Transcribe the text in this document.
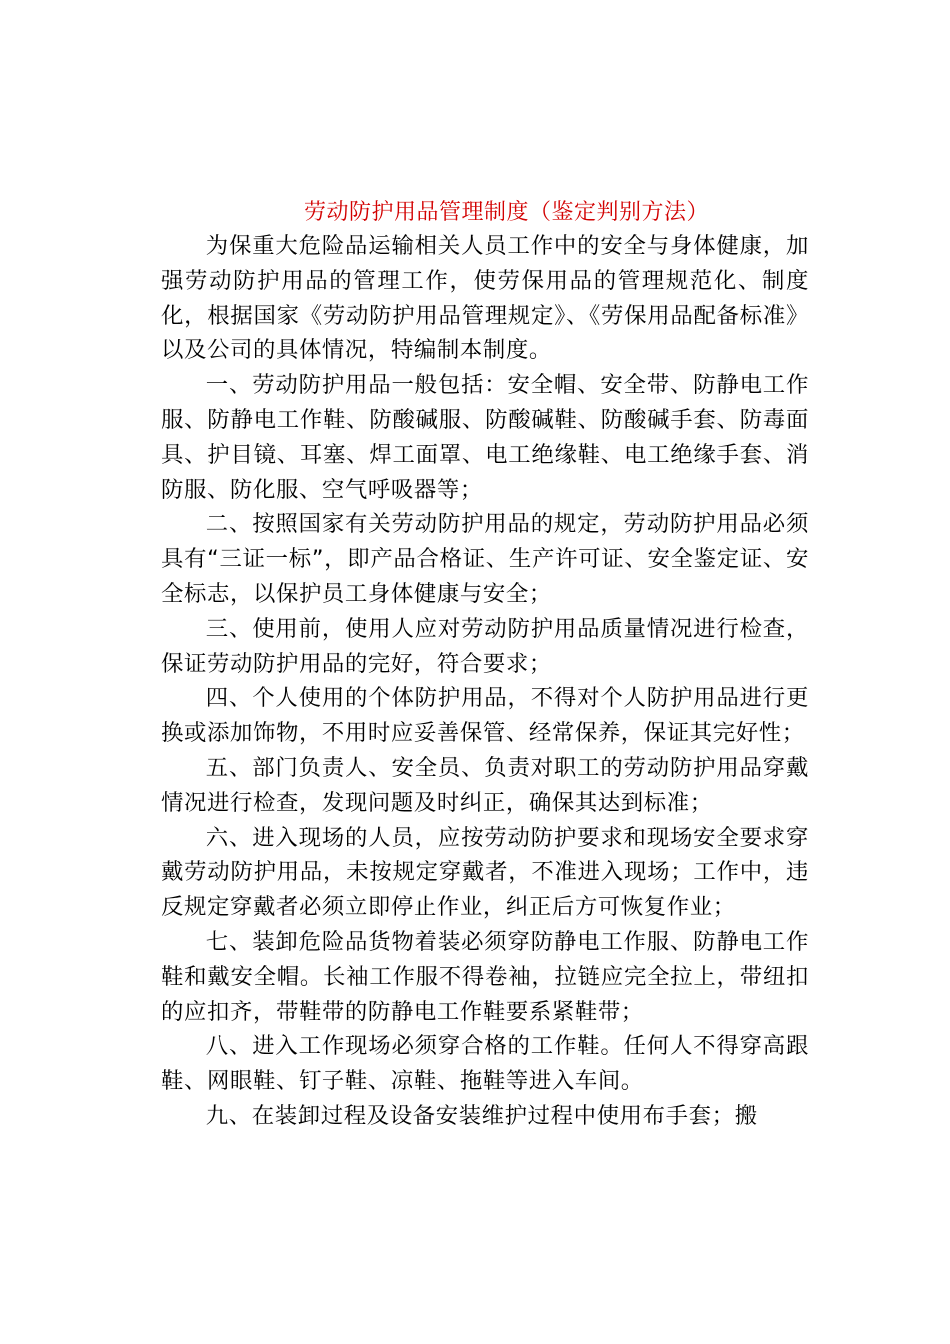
劳动防护用品管理制度（鉴定判别方法）

为保重大危险品运输相关人员工作中的安全与身体健康，加强劳动防护用品的管理工作，使劳保用品的管理规范化、制度化，根据国家《劳动防护用品管理规定》、《劳保用品配备标准》以及公司的具体情况，特编制本制度。

一、劳动防护用品一般包括：安全帽、安全带、防静电工作服、防静电工作鞋、防酸碱服、防酸碱鞋、防酸碱手套、防毒面具、护目镜、耳塞、焊工面罩、电工绝缘鞋、电工绝缘手套、消防服、防化服、空气呼吸器等；

二、按照国家有关劳动防护用品的规定，劳动防护用品必须具有“三证一标”，即产品合格证、生产许可证、安全鉴定证、安全标志，以保护员工身体健康与安全；

三、使用前，使用人应对劳动防护用品质量情况进行检查，保证劳动防护用品的完好，符合要求；

四、个人使用的个体防护用品，不得对个人防护用品进行更换或添加饰物，不用时应妥善保管、经常保养，保证其完好性；

五、部门负责人、安全员、负责对职工的劳动防护用品穿戴情况进行检查，发现问题及时纠正，确保其达到标准；

六、进入现场的人员，应按劳动防护要求和现场安全要求穿戴劳动防护用品，未按规定穿戴者，不准进入现场；工作中，违反规定穿戴者必须立即停止作业，纠正后方可恢复作业；

七、装卸危险品货物着装必须穿防静电工作服、防静电工作鞋和戴安全帽。长袖工作服不得卷袖，拉链应完全拉上，带纽扣的应扣齐，带鞋带的防静电工作鞋要系紧鞋带；

八、进入工作现场必须穿合格的工作鞋。任何人不得穿高跟鞋、网眼鞋、钉子鞋、凉鞋、拖鞋等进入车间。

九、在装卸过程及设备安装维护过程中使用布手套；搬
